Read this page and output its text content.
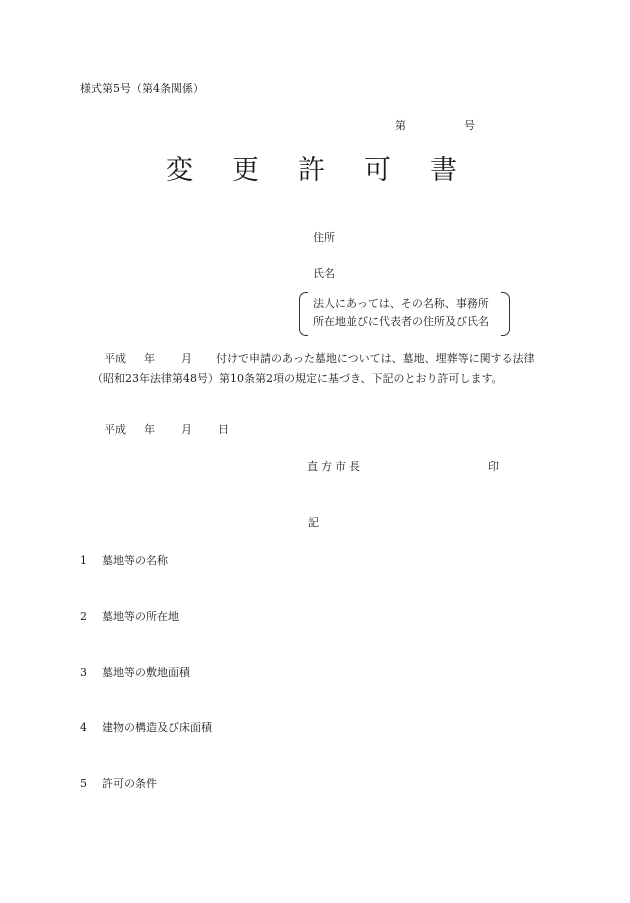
様式第5号（第4条関係）
第	号
変 更 許 可 書
住所
氏名
法人にあっては、その名称、事務所
所在地並びに代表者の住所及び氏名
平成 年 月 付けで申請のあった墓地については、墓地、埋葬等に関する法律
（昭和23年法律第48号）第10条第2項の規定に基づき、下記のとおり許可します。
平成 年 月 日
直方市長	印
記
1 墓地等の名称
2 墓地等の所在地
3 墓地等の敷地面積
4 建物の構造及び床面積
5 許可の条件
